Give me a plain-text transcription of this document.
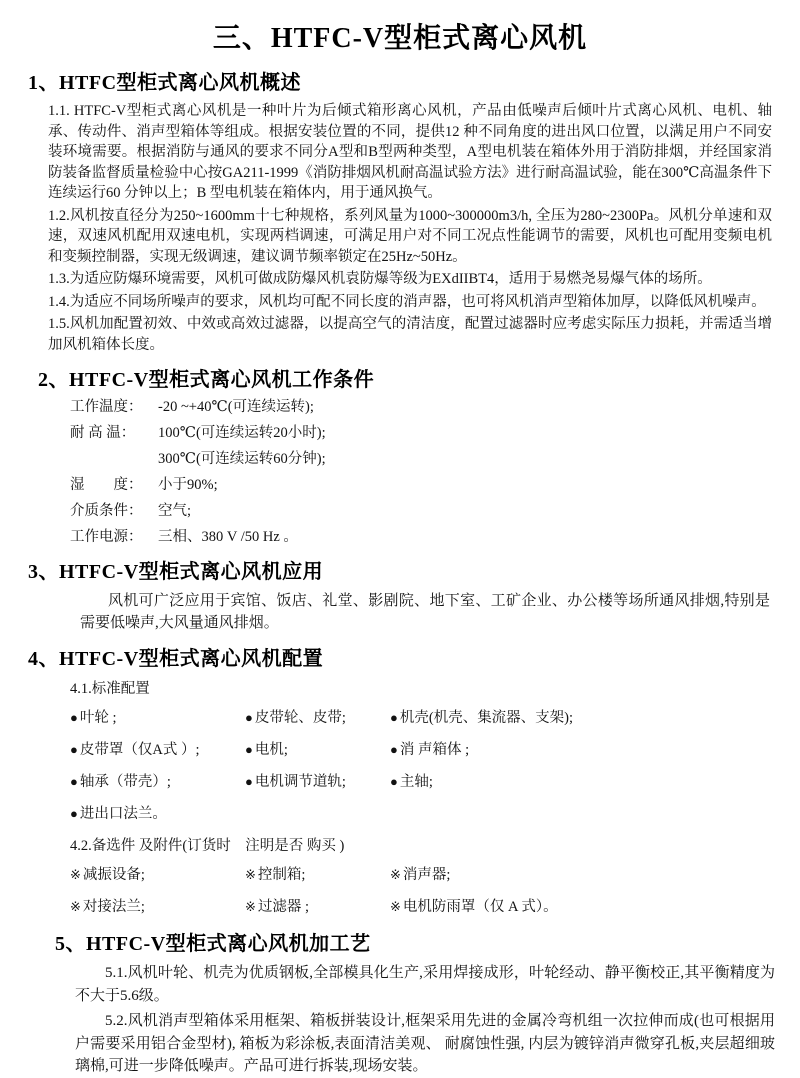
三、HTFC-V型柜式离心风机
1、HTFC型柜式离心风机概述

1.1. HTFC-V型柜式离心风机是一种叶片为后倾式箱形离心风机，产品由低噪声后倾叶片式离心风机、电机、轴承、传动件、消声型箱体等组成。根据安装位置的不同，提供12 种不同角度的进出风口位置，以满足用户不同安装环境需要。根据消防与通风的要求不同分A型和B型两种类型，A型电机装在箱体外用于消防排烟，并经国家消防装备监督质量检验中心按GA211-1999《消防排烟风机耐高温试验方法》进行耐高温试验，能在300℃高温条件下连续运行60 分钟以上；B 型电机装在箱体内，用于通风换气。

1.2.风机按直径分为250~1600mm十七种规格，系列风量为1000~300000m3/h, 全压为280~2300Pa。风机分单速和双速，双速风机配用双速电机，实现两档调速，可满足用户对不同工况点性能调节的需要，风机也可配用变频电机和变频控制器，实现无级调速，建议调节频率锁定在25Hz~50Hz。

1.3.为适应防爆环境需要，风机可做成防爆风机袁防爆等级为EXdIIBT4，适用于易燃尧易爆气体的场所。

1.4.为适应不同场所噪声的要求，风机均可配不同长度的消声器，也可将风机消声型箱体加厚，以降低风机噪声。

1.5.风机加配置初效、中效或高效过滤器，以提高空气的清洁度，配置过滤器时应考虑实际压力损耗，并需适当增加风机箱体长度。

2、HTFC-V型柜式离心风机工作条件
工作温度：	-20 ~+40℃(可连续运转);
耐 高 温：	100℃(可连续运转20小时);
300℃(可连续运转60分钟);
湿　　度：	小于90%;
介质条件：	空气;
工作电源：	三相、380 V /50 Hz 。
3、HTFC-V型柜式离心风机应用

风机可广泛应用于宾馆、饭店、礼堂、影剧院、地下室、工矿企业、办公楼等场所通风排烟,特别是需要低噪声,大风量通风排烟。

4、HTFC-V型柜式离心风机配置
4.1.标准配置
● 叶轮 ;	● 皮带轮、皮带;	● 机壳(机壳、集流器、支架);
● 皮带罩（仅A式 ）;	● 电机;	● 消 声箱体 ;
● 轴承（带壳）;	● 电机调节道轨;	● 主轴;
● 进出口法兰。
4.2.备选件 及附件(订货时　注明是否 购买 )
※ 减振设备;	※ 控制箱;	※ 消声器;
※ 对接法兰;	※ 过滤器 ;	※ 电机防雨罩（仅 A 式）。
5、HTFC-V型柜式离心风机加工艺

5.1.风机叶轮、机壳为优质钢板,全部模具化生产,采用焊接成形，叶轮经动、静平衡校正,其平衡精度为不大于5.6级。

5.2.风机消声型箱体采用框架、箱板拼装设计,框架采用先进的金属冷弯机组一次拉伸而成(也可根据用户需要采用铝合金型材), 箱板为彩涂板,表面清洁美观、 耐腐蚀性强, 内层为镀锌消声微穿孔板,夹层超细玻璃棉,可进一步降低噪声。产品可进行拆装,现场安装。
